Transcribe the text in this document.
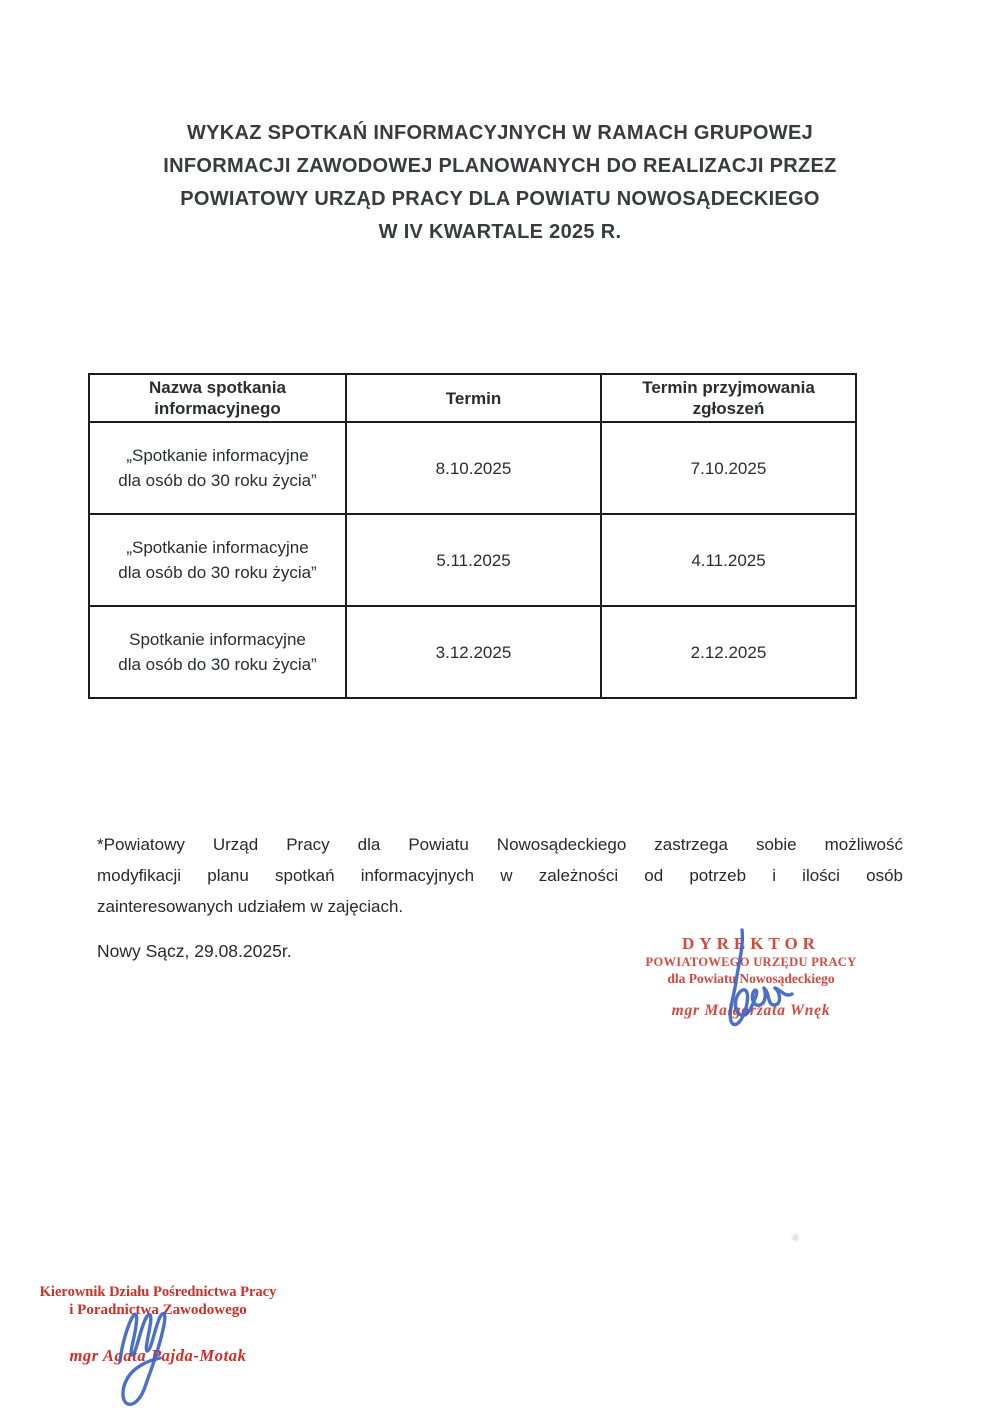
WYKAZ SPOTKAŃ INFORMACYJNYCH W RAMACH GRUPOWEJ
INFORMACJI ZAWODOWEJ PLANOWANYCH DO REALIZACJI PRZEZ
POWIATOWY URZĄD PRACY DLA POWIATU NOWOSĄDECKIEGO
W IV KWARTALE 2025 R.
Nazwa spotkania informacyjnego	Termin	Termin przyjmowania zgłoszeń

„Spotkanie informacyjne
dla osób do 30 roku życia”	8.10.2025	7.10.2025

„Spotkanie informacyjne
dla osób do 30 roku życia”	5.11.2025	4.11.2025

Spotkanie informacyjne
dla osób do 30 roku życia”	3.12.2025	2.12.2025
*Powiatowy Urząd Pracy dla Powiatu Nowosądeckiego zastrzega sobie możliwość
modyfikacji planu spotkań informacyjnych w zależności od potrzeb i ilości osób
zainteresowanych udziałem w zajęciach.
Nowy Sącz, 29.08.2025r.	DYREKTOR
POWIATOWEGO URZĘDU PRACY
dla Powiatu Nowosądeckiego
mgr Małgorzata Wnęk
Kierownik Działu Pośrednictwa Pracy
i Poradnictwa Zawodowego
mgr Agata Pajda-Motak
